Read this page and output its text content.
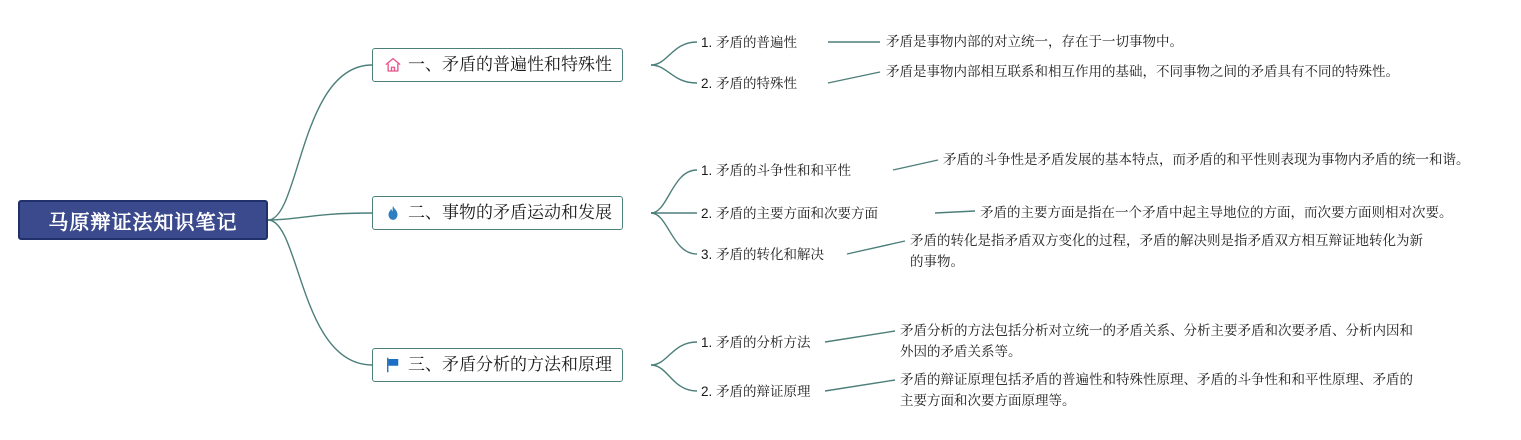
马原辩证法知识笔记
一、矛盾的普遍性和特殊性
二、事物的矛盾运动和发展
三、矛盾分析的方法和原理
1. 矛盾的普遍性	矛盾是事物内部的对立统一，存在于一切事物中。
2. 矛盾的特殊性
矛盾是事物内部相互联系和相互作用的基础，不同事物之间的矛盾具有不同的特殊性。
1. 矛盾的斗争性和和平性
矛盾的斗争性是矛盾发展的基本特点，而矛盾的和平性则表现为事物内矛盾的统一和谐。
2. 矛盾的主要方面和次要方面	矛盾的主要方面是指在一个矛盾中起主导地位的方面，而次要方面则相对次要。
3. 矛盾的转化和解决
矛盾的转化是指矛盾双方变化的过程，矛盾的解决则是指矛盾双方相互辩证地转化为新的事物。
1. 矛盾的分析方法
矛盾分析的方法包括分析对立统一的矛盾关系、分析主要矛盾和次要矛盾、分析内因和外因的矛盾关系等。
2. 矛盾的辩证原理
矛盾的辩证原理包括矛盾的普遍性和特殊性原理、矛盾的斗争性和和平性原理、矛盾的主要方面和次要方面原理等。
